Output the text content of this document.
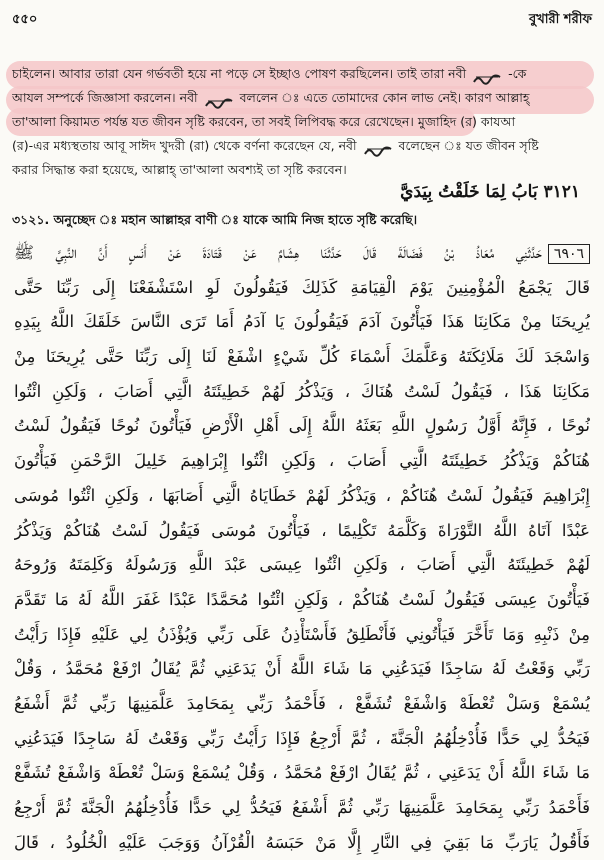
৫৫০	বুখারী শরীফ
চাইলেন। আবার তারা যেন গর্ভবতী হয়ে না পড়ে সে ইচ্ছাও পোষণ করছিলেন। তাই তারা নবী	-কে
আযল সম্পর্কে জিজ্ঞাসা করলেন। নবী	বললেন ঃ এতে তোমাদের কোন লাভ নেই। কারণ আল্লাহ্
তা'আলা কিয়ামত পর্যন্ত যত জীবন সৃষ্টি করবেন, তা সবই লিপিবদ্ধ করে রেখেছেন। মুজাহিদ (র) কাযআ
(র)-এর মধ্যস্থতায় আবূ সাঈদ খুদরী (রা) থেকে বর্ণনা করেছেন যে, নবী	বলেছেন ঃ যত জীবন সৃষ্টি
করার সিদ্ধান্ত করা হয়েছে, আল্লাহ্ তা'আলা অবশ্যই তা সৃষ্টি করবেন।
٣١٢١ بَابُ لِمَا خَلَقْتُ بِيَدَيَّ
৩১২১. অনুচ্ছেদ ঃ মহান আল্লাহর বাণী ঃ যাকে আমি নিজ হাতে সৃষ্টি করেছি।
٦٩٠٦حَدَّثَنِي مُعَاذُ بْنُ فَضَالَةَ قَالَ حَدَّثَنَا هِشَامٌ عَنْ قَتَادَةَ عَنْ أَنَسٍ أَنَّ النَّبِيَّ ﷺ
قَالَ يَجْمَعُ الْمُؤْمِنِينَ يَوْمَ الْقِيَامَةِ كَذَلِكَ فَيَقُولُونَ لَوِ اسْتَشْفَعْنَا إِلَى رَبِّنَا حَتَّى
يُرِيحَنَا مِنْ مَكَانِنَا هَذَا فَيَأْتُونَ آدَمَ فَيَقُولُونَ يَا آدَمُ أَمَا تَرَى النَّاسَ خَلَقَكَ اللَّهُ بِيَدِهِ
وَاسْجَدَ لَكَ مَلَائِكَتَهُ وَعَلَّمَكَ أَسْمَاءَ كُلِّ شَيْءٍ اشْفَعْ لَنَا إِلَى رَبِّنَا حَتَّى يُرِيحَنَا مِنْ
مَكَانِنَا هَذَا ، فَيَقُولُ لَسْتُ هُنَاكَ ، وَيَذْكُرُ لَهُمْ خَطِيئَتَهُ الَّتِي أَصَابَ ، وَلَكِنِ ائْتُوا
نُوحًا ، فَإِنَّهُ أَوَّلُ رَسُولٍ اللَّهِ بَعَثَهُ اللَّهُ إِلَى أَهْلِ الْأَرْضِ فَيَأْتُونَ نُوحًا فَيَقُولُ لَسْتُ
هُنَاكُمْ وَيَذْكُرُ خَطِيئَتَهُ الَّتِي أَصَابَ ، وَلَكِنِ ائْتُوا إِبْرَاهِيمَ خَلِيلَ الرَّحْمَنِ فَيَأْتُونَ
إِبْرَاهِيمَ فَيَقُولُ لَسْتُ هُنَاكُمْ ، وَيَذْكُرُ لَهُمْ خَطَايَاهُ الَّتِي أَصَابَهَا ، وَلَكِنِ ائْتُوا مُوسَى
عَبْدًا آتَاهُ اللَّهُ التَّوْرَاةَ وَكَلَّمَهُ تَكْلِيمًا ، فَيَأْتُونَ مُوسَى فَيَقُولُ لَسْتُ هُنَاكُمْ وَيَذْكُرُ
لَهُمْ خَطِيئَتَهُ الَّتِي أَصَابَ ، وَلَكِنِ ائْتُوا عِيسَى عَبْدَ اللَّهِ وَرَسُولَهُ وَكَلِمَتَهُ وَرُوحَهُ
فَيَأْتُونَ عِيسَى فَيَقُولُ لَسْتُ هُنَاكُمْ ، وَلَكِنِ ائْتُوا مُحَمَّدًا عَبْدًا غَفَرَ اللَّهُ لَهُ مَا تَقَدَّمَ
مِنْ ذَنْبِهِ وَمَا تَأَخَّرَ فَيَأْتُونِي فَأَنْطَلِقُ فَأَسْتَأْذِنُ عَلَى رَبِّي وَيُؤْذَنُ لِي عَلَيْهِ فَإِذَا رَأَيْتُ
رَبِّي وَقَعْتُ لَهُ سَاجِدًا فَيَدَعُنِي مَا شَاءَ اللَّهُ أَنْ يَدَعَنِي ثُمَّ يُقَالُ ارْفَعْ مُحَمَّدُ ، وَقُلْ
يُسْمَعْ وَسَلْ تُعْطَهْ وَاشْفَعْ تُشَفَّعْ ، فَأَحْمَدُ رَبِّي بِمَحَامِدَ عَلَّمَنِيهَا رَبِّي ثُمَّ أَشْفَعُ
فَيَحُدُّ لِي حَدًّا فَأُدْخِلُهُمُ الْجَنَّةَ ، ثُمَّ أَرْجِعُ فَإِذَا رَأَيْتُ رَبِّي وَقَعْتُ لَهُ سَاجِدًا فَيَدَعُنِي
مَا شَاءَ اللَّهُ أَنْ يَدَعَنِي ، ثُمَّ يُقَالُ ارْفَعْ مُحَمَّدُ ، وَقُلْ يُسْمَعْ وَسَلْ تُعْطَهْ وَاشْفَعْ تُشَفَّعْ
فَأَحْمَدُ رَبِّي بِمَحَامِدَ عَلَّمَنِيهَا رَبِّي ثُمَّ أَشْفَعُ فَيَحُدُّ لِي حَدًّا فَأُدْخِلُهُمُ الْجَنَّةَ ثُمَّ أَرْجِعُ
فَأَقُولُ يَارَبِّ مَا بَقِيَ فِي النَّارِ إِلَّا مَنْ حَبَسَهُ الْقُرْآنُ وَوَجَبَ عَلَيْهِ الْخُلُودُ ، قَالَ
